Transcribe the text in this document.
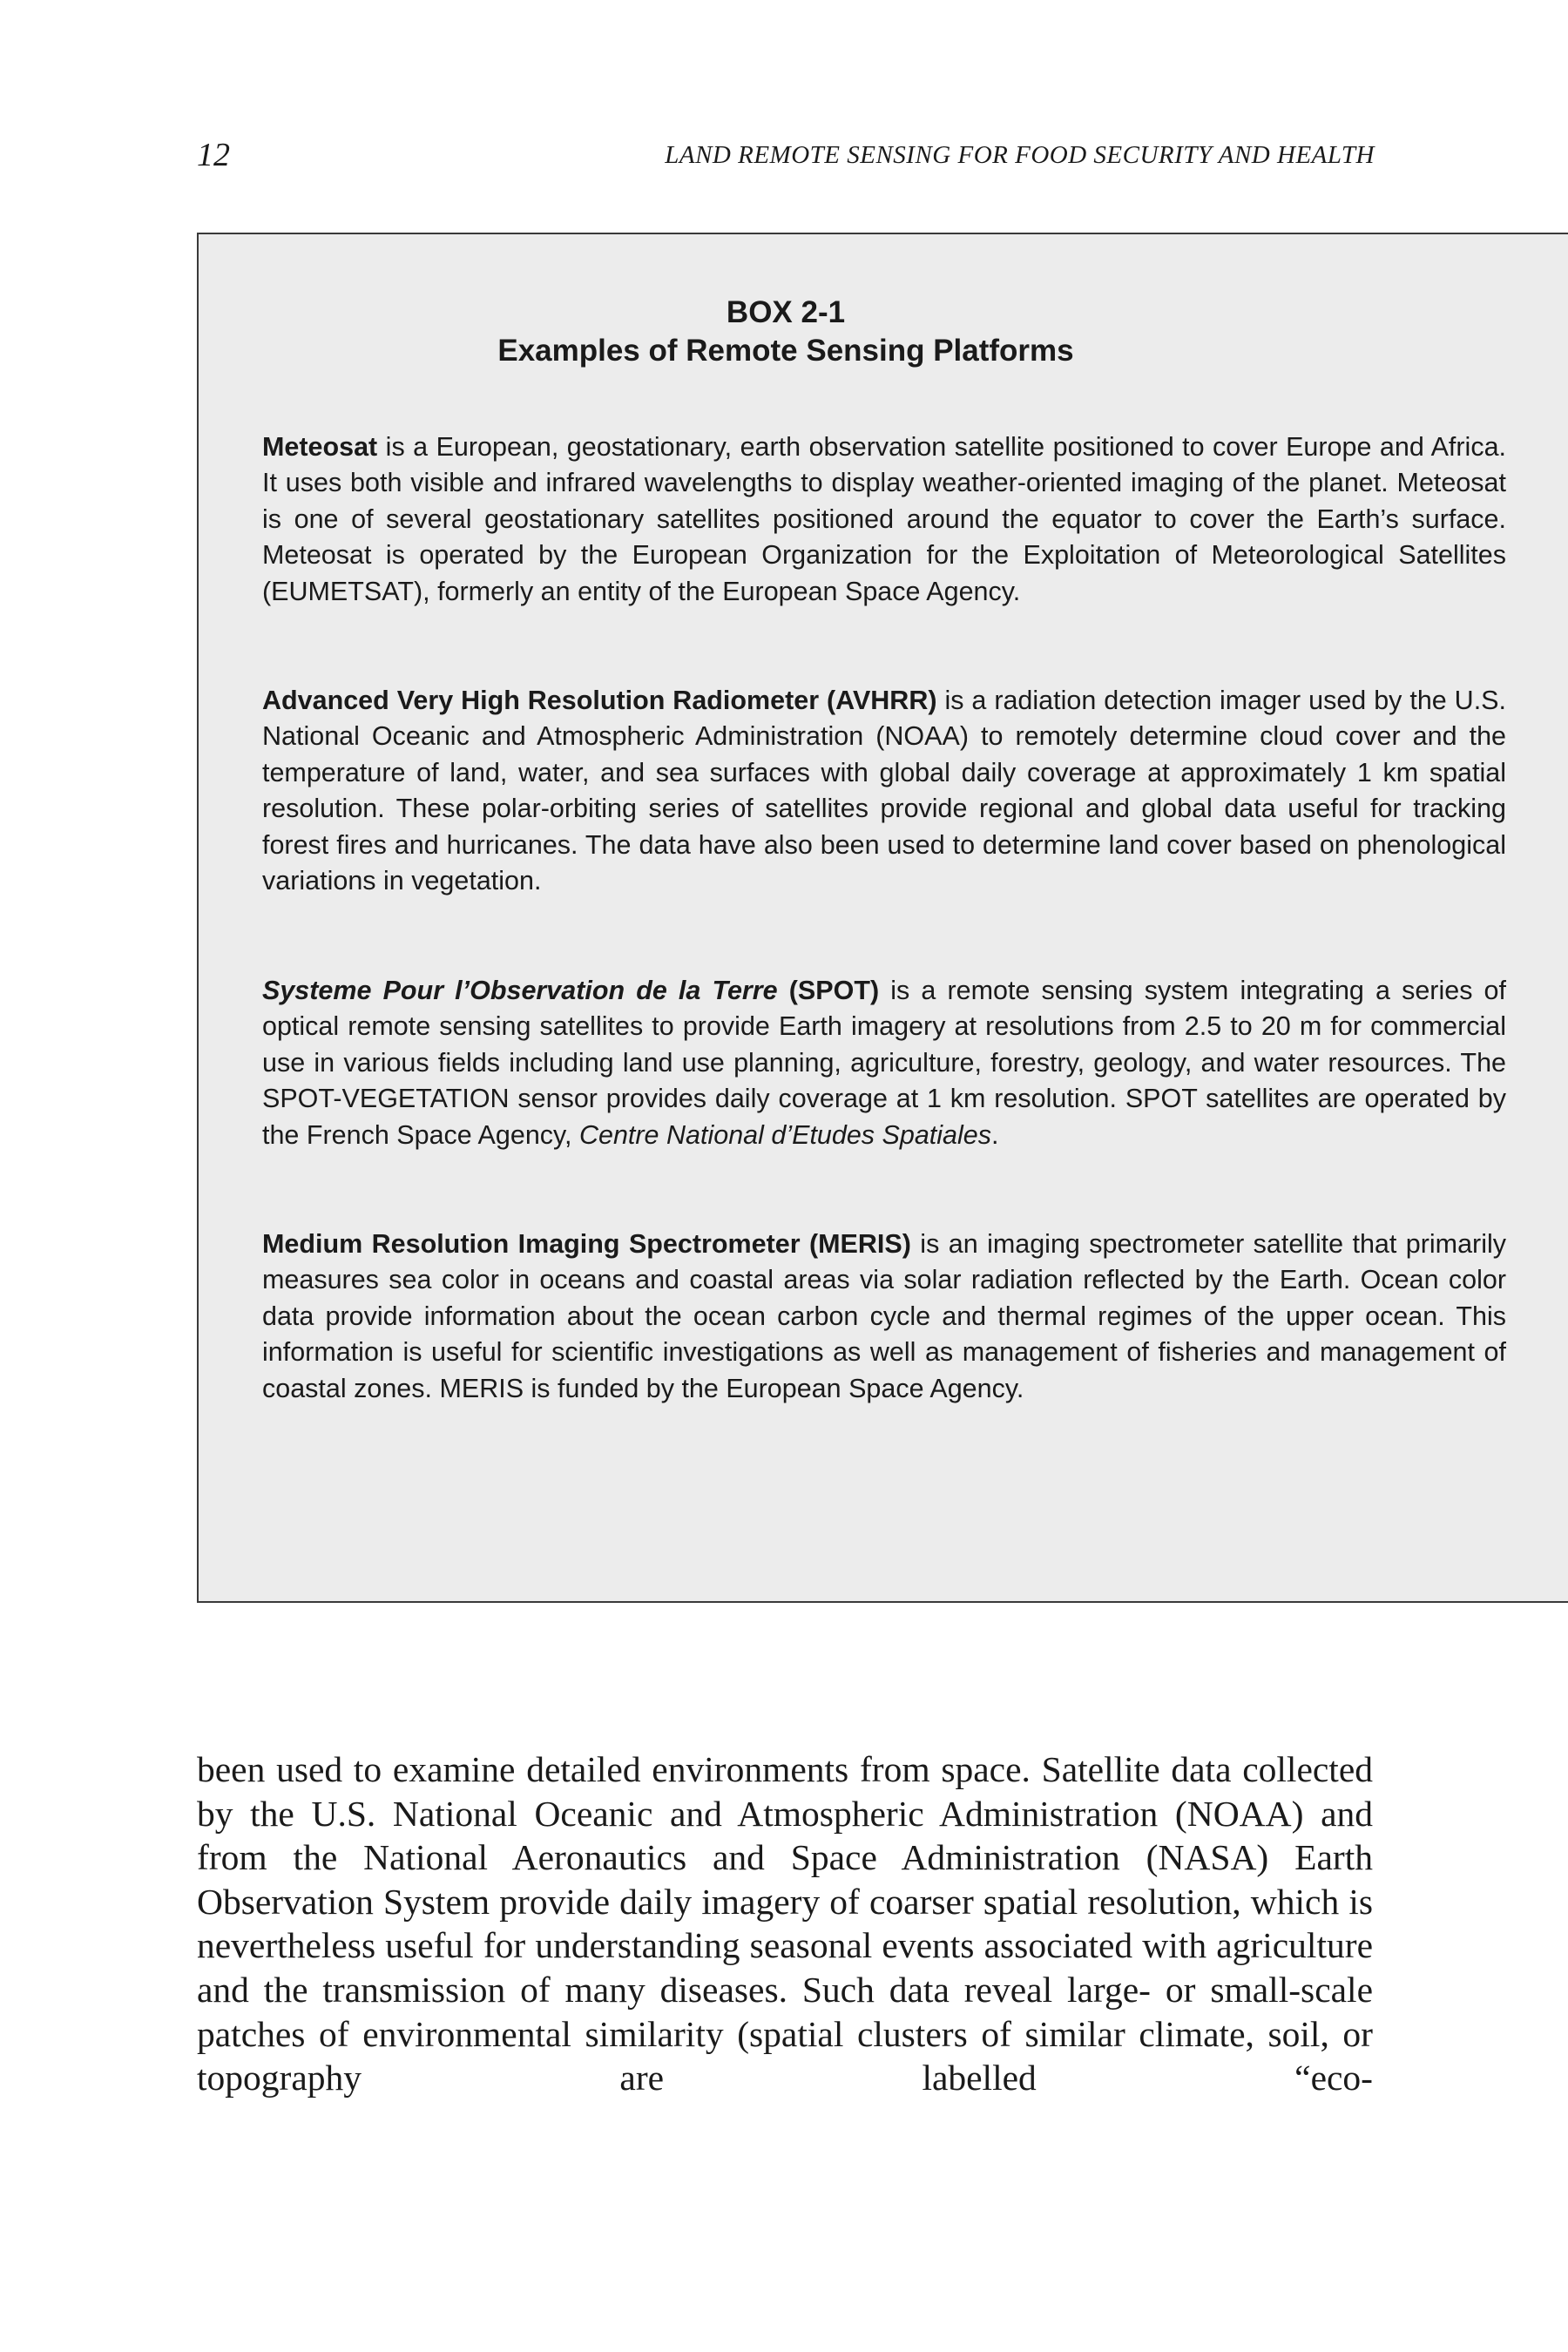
12	LAND REMOTE SENSING FOR FOOD SECURITY AND HEALTH
BOX 2-1
Examples of Remote Sensing Platforms

Meteosat is a European, geostationary, earth observation satellite positioned to cover Europe and Africa. It uses both visible and infrared wavelengths to display weather-oriented imaging of the planet. Meteosat is one of several geostationary satellites positioned around the equator to cover the Earth’s surface. Meteosat is operated by the European Organization for the Exploitation of Meteorological Satellites (EUMETSAT), formerly an entity of the European Space Agency.

Advanced Very High Resolution Radiometer (AVHRR) is a radiation detection imager used by the U.S. National Oceanic and Atmospheric Administration (NOAA) to remotely determine cloud cover and the temperature of land, water, and sea surfaces with global daily coverage at approximately 1 km spatial resolution. These polar-orbiting series of satellites provide regional and global data useful for tracking forest fires and hurricanes. The data have also been used to determine land cover based on phenological variations in vegetation.

Systeme Pour l’Observation de la Terre (SPOT) is a remote sensing system integrating a series of optical remote sensing satellites to provide Earth imagery at resolutions from 2.5 to 20 m for commercial use in various fields including land use planning, agriculture, forestry, geology, and water resources. The SPOT-VEGETATION sensor provides daily coverage at 1 km resolution. SPOT satellites are operated by the French Space Agency, Centre National d’Etudes Spatiales.

Medium Resolution Imaging Spectrometer (MERIS) is an imaging spectrometer satellite that primarily measures sea color in oceans and coastal areas via solar radiation reflected by the Earth. Ocean color data provide information about the ocean carbon cycle and thermal regimes of the upper ocean. This information is useful for scientific investigations as well as management of fisheries and management of coastal zones. MERIS is funded by the European Space Agency.

been used to examine detailed environments from space. Satellite data collected by the U.S. National Oceanic and Atmospheric Administration (NOAA) and from the National Aeronautics and Space Administration (NASA) Earth Observation System provide daily imagery of coarser spatial resolution, which is nevertheless useful for understanding seasonal events associated with agriculture and the transmission of many diseases. Such data reveal large- or small-scale patches of environmental similarity (spatial clusters of similar climate, soil, or topography are labelled “eco-
